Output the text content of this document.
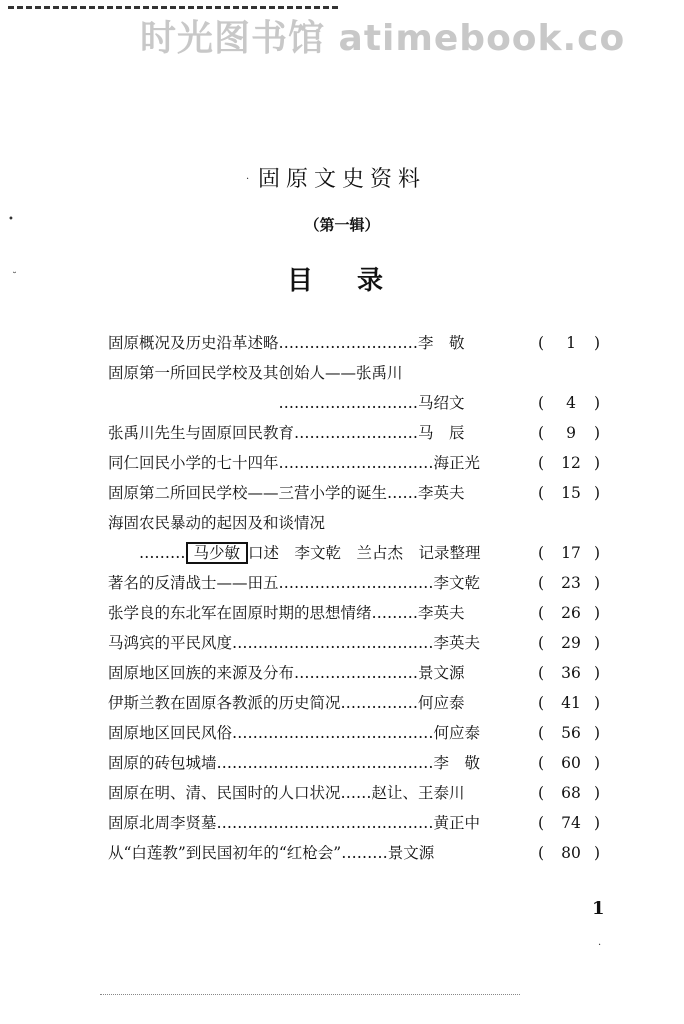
时光图书馆 atimebook.co
•
˘
· 固原文史资料
（第一辑）
目录
固原概况及历史沿革述略………………………李　敬	(	1	)
固原第一所回民学校及其创始人——张禹川
　　　　　　　　　　　………………………马绍文	(	4	)
张禹川先生与固原回民教育……………………马　辰	(	9	)
同仁回民小学的七十四年…………………………海正光	(	12 )
固原第二所回民学校——三营小学的诞生……李英夫	(	15 )
海固农民暴动的起因及和谈情况
　　……… 马少敏 口述　李文乾　兰占杰　记录整理	(	17 )
著名的反清战士——田五…………………………李文乾	(	23 )
张学良的东北军在固原时期的思想情绪………李英夫	(	26 )
马鸿宾的平民风度…………………………………李英夫	(	29 )
固原地区回族的来源及分布……………………景文源	(	36 )
伊斯兰教在固原各教派的历史简况……………何应泰	(	41 )
固原地区回民风俗…………………………………何应泰	(	56 )
固原的砖包城墙……………………………………李　敬	(	60 )
固原在明、清、民国时的人口状况……赵让、王泰川	(	68 )
固原北周李贤墓……………………………………黄正中	(	74 )
从“白莲教”到民国初年的“红枪会”………景文源	(	80 )
1
·
